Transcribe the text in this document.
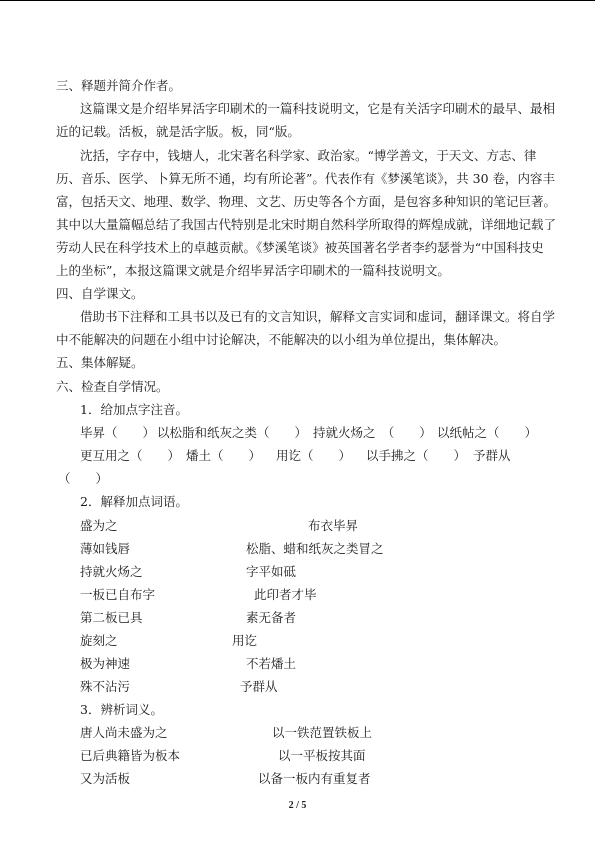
三、释题并简介作者。
这篇课文是介绍毕昇活字印刷术的一篇科技说明文，它是有关活字印刷术的最早、最相
近的记载。活板，就是活字版。板，同“版。
沈括，字存中，钱塘人，北宋著名科学家、政治家。“博学善文，于天文、方志、律
历、音乐、医学、卜算无所不通，均有所论著”。代表作有《梦溪笔谈》，共 30 卷，内容丰
富，包括天文、地理、数学、物理、文艺、历史等各个方面，是包容多种知识的笔记巨著。
其中以大量篇幅总结了我国古代特别是北宋时期自然科学所取得的辉煌成就，详细地记载了
劳动人民在科学技术上的卓越贡献。《梦溪笔谈》被英国著名学者李约瑟誉为“中国科技史
上的坐标”，本报这篇课文就是介绍毕昇活字印刷术的一篇科技说明文。
四、自学课文。
借助书下注释和工具书以及已有的文言知识，解释文言实词和虚词，翻译课文。将自学
中不能解决的问题在小组中讨论解决，不能解决的以小组为单位提出，集体解决。
五、集体解疑。
六、检查自学情况。
1．给加点字注音。
毕昇（　　） 以松脂和纸灰之类（　　） 持就火炀之　（　　） 以纸帖之（　　）
更互用之（　　） 燔土（　　） 用讫（　　） 以手拂之（　　） 予群从
（　　）
2．解释加点词语。
盛为之	布衣毕昇
薄如钱唇	松脂、蜡和纸灰之类冒之
持就火炀之	字平如砥
一板已自布字	此印者才毕
第二板已具	素无备者
旋刻之	用讫
极为神速	不若燔土
殊不沾污	予群从
3．辨析词义。
唐人尚未盛为之	以一铁范置铁板上
已后典籍皆为板本	以一平板按其面
又为活板	以备一板内有重复者
2 / 5
